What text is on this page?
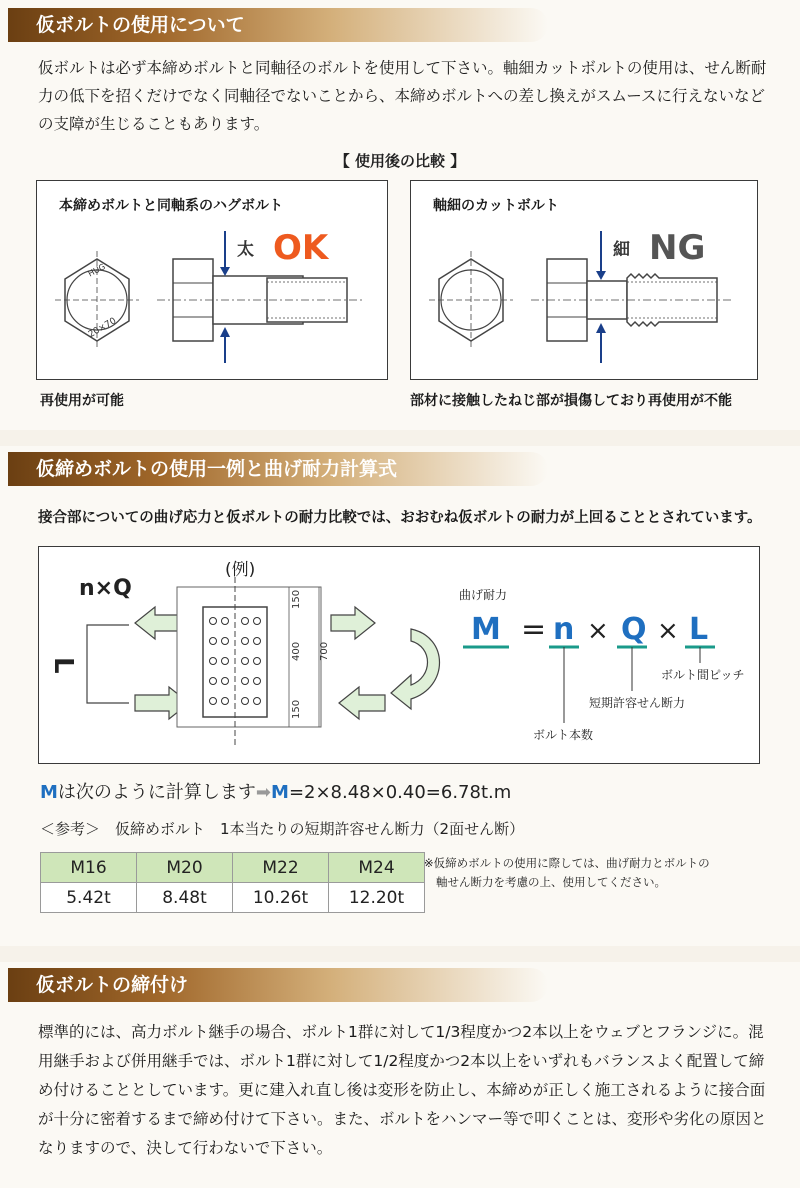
仮ボルトの使用について
仮ボルトは必ず本締めボルトと同軸径のボルトを使用して下さい。軸細カットボルトの使用は、せん断耐力の低下を招くだけでなく同軸径でないことから、本締めボルトへの差し換えがスムースに行えないなどの支障が生じることもあります。
【 使用後の比較 】
本締めボルトと同軸系のハグボルト
HUG
20×70
太 OK
再使用が可能
軸細のカットボルト
細 NG
部材に接触したねじ部が損傷しており再使用が不能
仮締めボルトの使用一例と曲げ耐力計算式
接合部についての曲げ応力と仮ボルトの耐力比較では、おおむね仮ボルトの耐力が上回ることとされています。
(例)
n×Q
L
150
400 700
150
曲げ耐力
M = n × Q × L
ボルト間ピッチ
短期許容せん断力
ボルト本数
Mは次のように計算します➡M=2×8.48×0.40=6.78t.m
＜参考＞　仮締めボルト　1本当たりの短期許容せん断力（2面せん断）
M16	M20	M22	M24
5.42t	8.48t	10.26t	12.20t
※仮締めボルトの使用に際しては、曲げ耐力とボルトの
軸せん断力を考慮の上、使用してください。
仮ボルトの締付け
標準的には、高力ボルト継手の場合、ボルト1群に対して1/3程度かつ2本以上をウェブとフランジに。混用継手および併用継手では、ボルト1群に対して1/2程度かつ2本以上をいずれもバランスよく配置して締め付けることとしています。更に建入れ直し後は変形を防止し、本締めが正しく施工されるように接合面が十分に密着するまで締め付けて下さい。また、ボルトをハンマー等で叩くことは、変形や劣化の原因となりますので、決して行わないで下さい。
